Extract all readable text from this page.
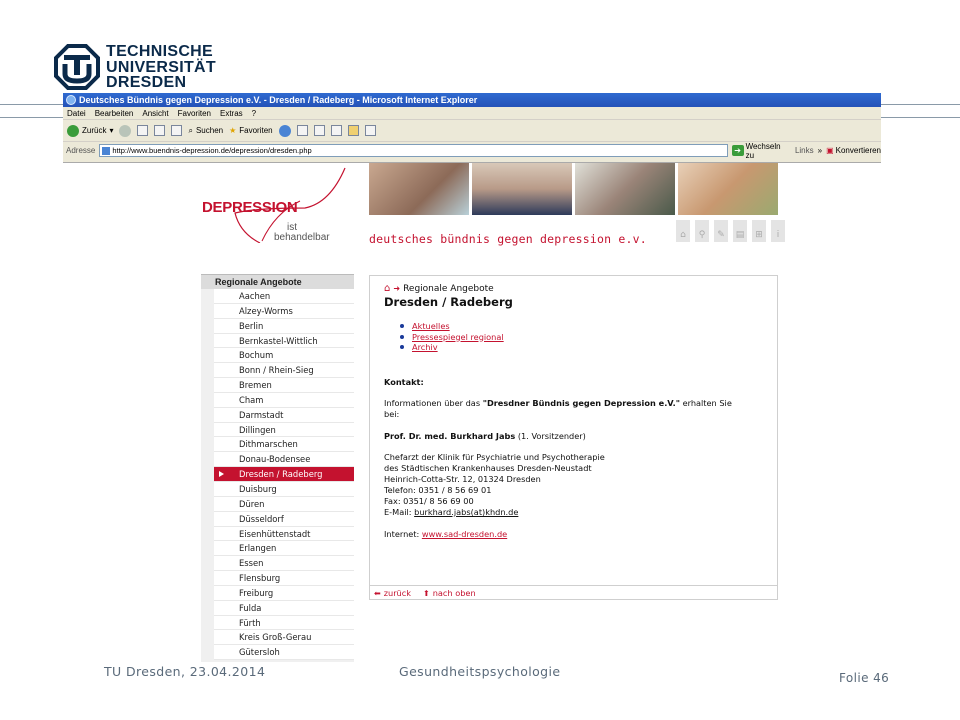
TECHNISCHE
UNIVERSITÄT
DRESDEN
Deutsches Bündnis gegen Depression e.V. - Dresden / Radeberg - Microsoft Internet Explorer
Datei Bearbeiten Ansicht Favoriten Extras ?
Zurück ▾	⌕ Suchen ★ Favoriten
Adresse	http://www.buendnis-depression.de/depression/dresden.php	➔ Wechseln zu	Links » ▣ Konvertieren
DEPRESSION
ist
behandelbar	deutsches bündnis gegen depression e.v.	⌂	⚲	✎	▤	⊞	i
Regionale Angebote
Aachen
Alzey-Worms
Berlin
Bernkastel-Wittlich
Bochum
Bonn / Rhein-Sieg
Bremen
Cham
Darmstadt
Dillingen
Dithmarschen
Donau-Bodensee
Dresden / Radeberg
Duisburg
Düren
Düsseldorf
Eisenhüttenstadt
Erlangen
Essen
Flensburg
Freiburg
Fulda
Fürth
Kreis Groß-Gerau
Gütersloh
⌂ ➜ Regionale Angebote
Dresden / Radeberg
Aktuelles
Pressespiegel regional
Archiv
Kontakt:
Informationen über das "Dresdner Bündnis gegen Depression e.V." erhalten Sie
bei:
Prof. Dr. med. Burkhard Jabs (1. Vorsitzender)
Chefarzt der Klinik für Psychiatrie und Psychotherapie
des Städtischen Krankenhauses Dresden-Neustadt
Heinrich-Cotta-Str. 12, 01324 Dresden
Telefon: 0351 / 8 56 69 01
Fax: 0351/ 8 56 69 00
E-Mail: burkhard.jabs(at)khdn.de
Internet: www.sad-dresden.de
⬅ zurück ⬆ nach oben
TU Dresden, 23.04.2014	Gesundheitspsychologie	Folie 46
